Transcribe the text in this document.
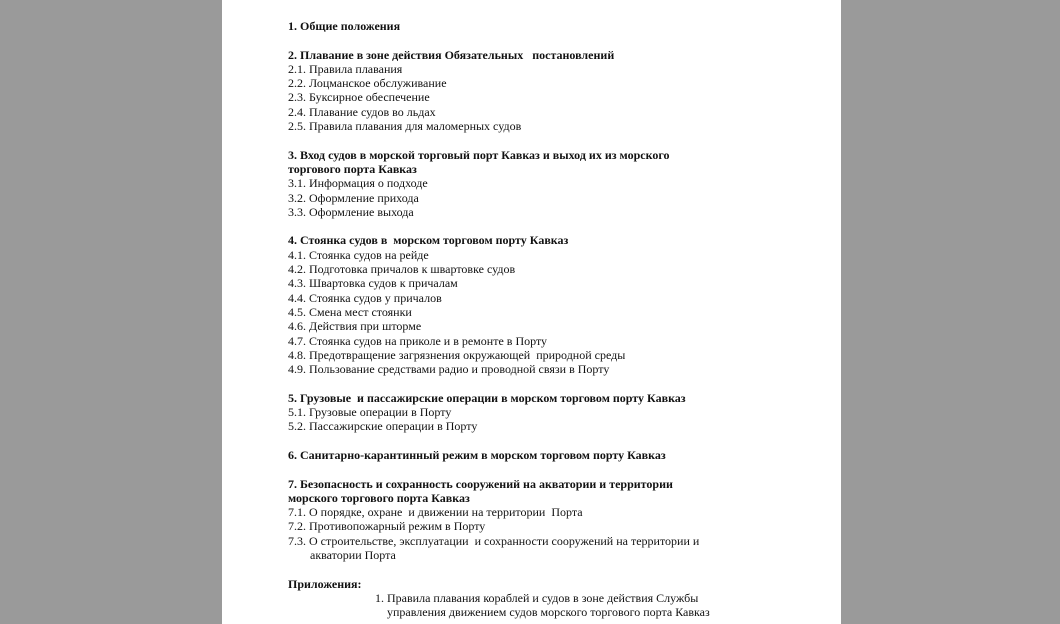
1. Общие положения
2. Плавание в зоне действия Обязательных   постановлений
2.1. Правила плавания
2.2. Лоцманское обслуживание
2.3. Буксирное обеспечение
2.4. Плавание судов во льдах
2.5. Правила плавания для маломерных судов
3. Вход судов в морской торговый порт Кавказ и выход их из морского
торгового порта Кавказ
3.1. Информация о подходе
3.2. Оформление прихода
3.3. Оформление выхода
4. Стоянка судов в  морском торговом порту Кавказ
4.1. Стоянка судов на рейде
4.2. Подготовка причалов к швартовке судов
4.3. Швартовка судов к причалам
4.4. Стоянка судов у причалов
4.5. Смена мест стоянки
4.6. Действия при шторме
4.7. Стоянка судов на приколе и в ремонте в Порту
4.8. Предотвращение загрязнения окружающей  природной среды
4.9. Пользование средствами радио и проводной связи в Порту
5. Грузовые  и пассажирские операции в морском торговом порту Кавказ
5.1. Грузовые операции в Порту
5.2. Пассажирские операции в Порту
6. Санитарно-карантинный режим в морском торговом порту Кавказ
7. Безопасность и сохранность сооружений на акватории и территории
морского торгового порта Кавказ
7.1. О порядке, охране  и движении на территории  Порта
7.2. Противопожарный режим в Порту
7.3. О строительстве, эксплуатации  и сохранности сооружений на территории и акватории Порта
Приложения:
1. Правила плавания кораблей и судов в зоне действия Службы управления движением судов морского торгового порта Кавказ
